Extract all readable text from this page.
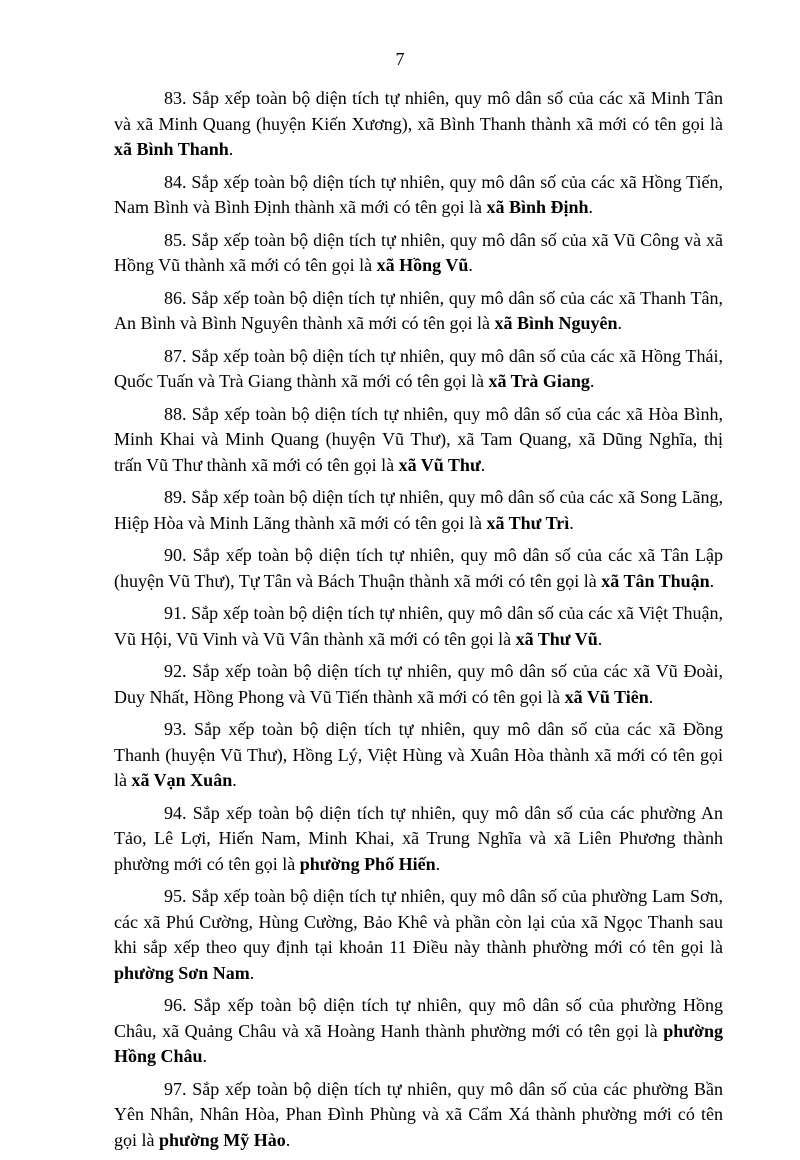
7

83. Sắp xếp toàn bộ diện tích tự nhiên, quy mô dân số của các xã Minh Tân và xã Minh Quang (huyện Kiến Xương), xã Bình Thanh thành xã mới có tên gọi là xã Bình Thanh.

84. Sắp xếp toàn bộ diện tích tự nhiên, quy mô dân số của các xã Hồng Tiến, Nam Bình và Bình Định thành xã mới có tên gọi là xã Bình Định.

85. Sắp xếp toàn bộ diện tích tự nhiên, quy mô dân số của xã Vũ Công và xã Hồng Vũ thành xã mới có tên gọi là xã Hồng Vũ.

86. Sắp xếp toàn bộ diện tích tự nhiên, quy mô dân số của các xã Thanh Tân, An Bình và Bình Nguyên thành xã mới có tên gọi là xã Bình Nguyên.

87. Sắp xếp toàn bộ diện tích tự nhiên, quy mô dân số của các xã Hồng Thái, Quốc Tuấn và Trà Giang thành xã mới có tên gọi là xã Trà Giang.

88. Sắp xếp toàn bộ diện tích tự nhiên, quy mô dân số của các xã Hòa Bình, Minh Khai và Minh Quang (huyện Vũ Thư), xã Tam Quang, xã Dũng Nghĩa, thị trấn Vũ Thư thành xã mới có tên gọi là xã Vũ Thư.

89. Sắp xếp toàn bộ diện tích tự nhiên, quy mô dân số của các xã Song Lãng, Hiệp Hòa và Minh Lãng thành xã mới có tên gọi là xã Thư Trì.

90. Sắp xếp toàn bộ diện tích tự nhiên, quy mô dân số của các xã Tân Lập (huyện Vũ Thư), Tự Tân và Bách Thuận thành xã mới có tên gọi là xã Tân Thuận.

91. Sắp xếp toàn bộ diện tích tự nhiên, quy mô dân số của các xã Việt Thuận, Vũ Hội, Vũ Vinh và Vũ Vân thành xã mới có tên gọi là xã Thư Vũ.

92. Sắp xếp toàn bộ diện tích tự nhiên, quy mô dân số của các xã Vũ Đoài, Duy Nhất, Hồng Phong và Vũ Tiến thành xã mới có tên gọi là xã Vũ Tiên.

93. Sắp xếp toàn bộ diện tích tự nhiên, quy mô dân số của các xã Đồng Thanh (huyện Vũ Thư), Hồng Lý, Việt Hùng và Xuân Hòa thành xã mới có tên gọi là xã Vạn Xuân.

94. Sắp xếp toàn bộ diện tích tự nhiên, quy mô dân số của các phường An Tảo, Lê Lợi, Hiến Nam, Minh Khai, xã Trung Nghĩa và xã Liên Phương thành phường mới có tên gọi là phường Phố Hiến.

95. Sắp xếp toàn bộ diện tích tự nhiên, quy mô dân số của phường Lam Sơn, các xã Phú Cường, Hùng Cường, Bảo Khê và phần còn lại của xã Ngọc Thanh sau khi sắp xếp theo quy định tại khoản 11 Điều này thành phường mới có tên gọi là phường Sơn Nam.

96. Sắp xếp toàn bộ diện tích tự nhiên, quy mô dân số của phường Hồng Châu, xã Quảng Châu và xã Hoàng Hanh thành phường mới có tên gọi là phường Hồng Châu.

97. Sắp xếp toàn bộ diện tích tự nhiên, quy mô dân số của các phường Bần Yên Nhân, Nhân Hòa, Phan Đình Phùng và xã Cẩm Xá thành phường mới có tên gọi là phường Mỹ Hào.
